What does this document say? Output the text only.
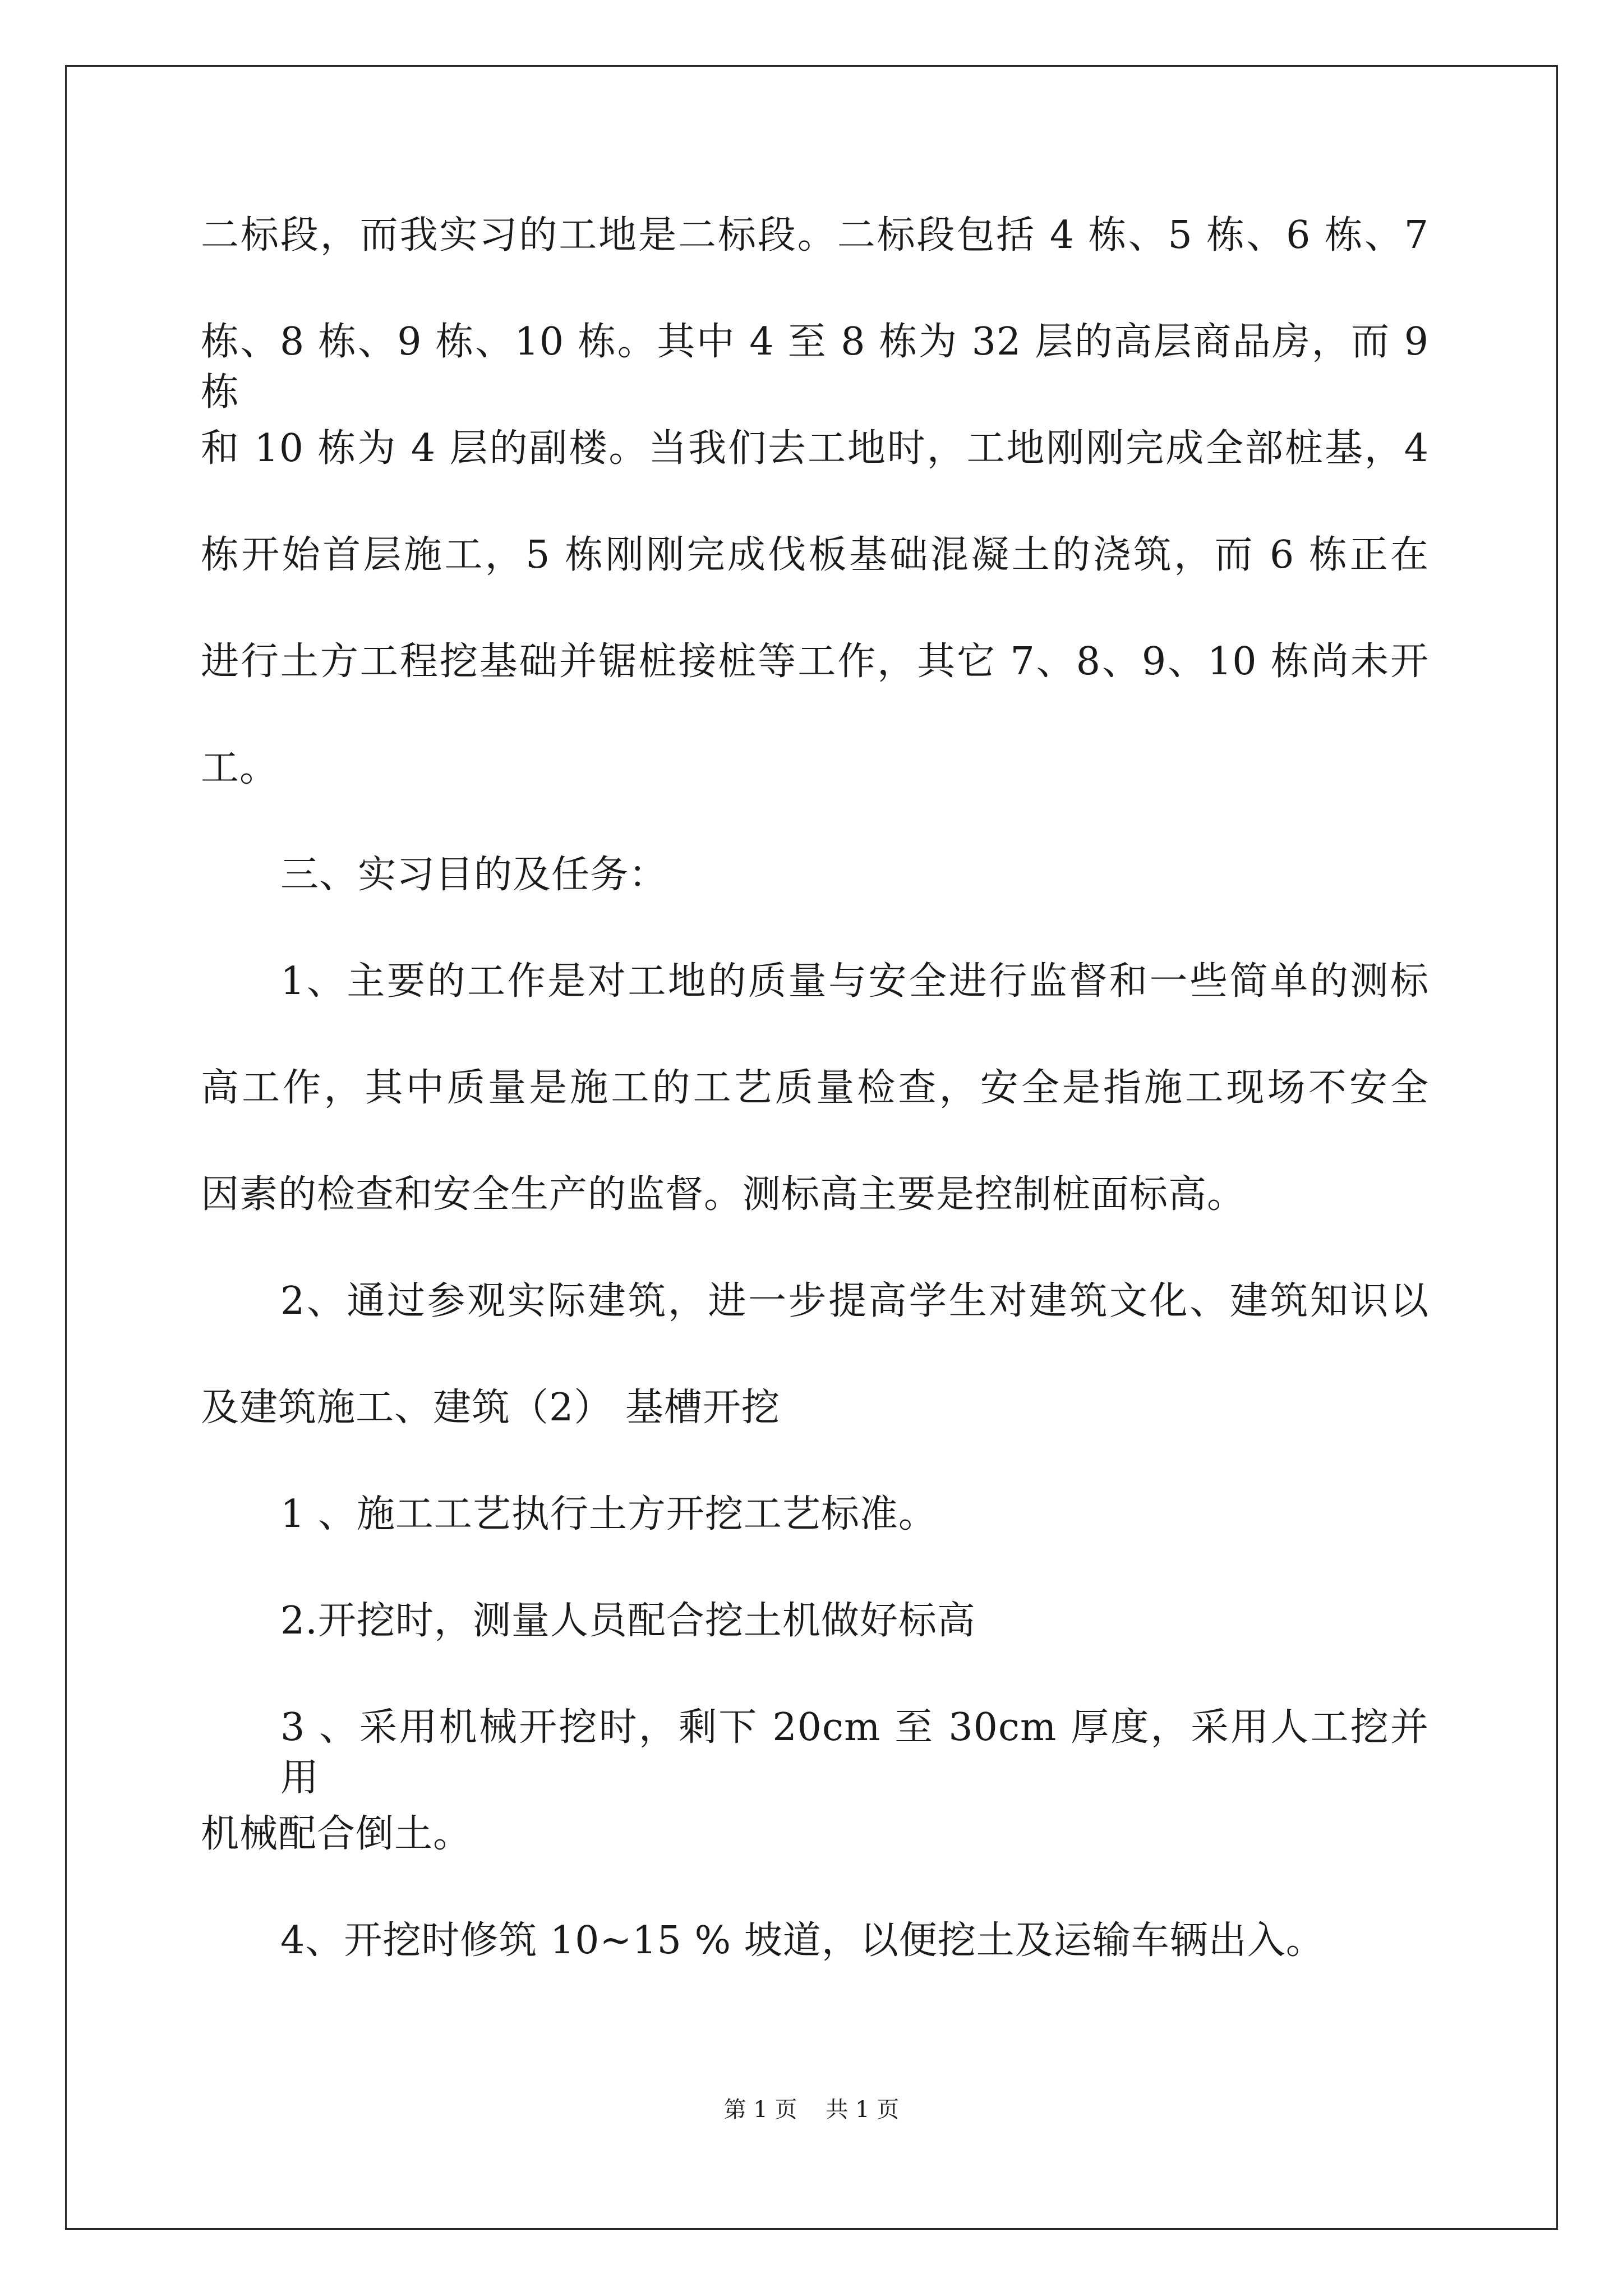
二标段，而我实习的工地是二标段。二标段包括 4 栋、5 栋、6 栋、7
栋、8 栋、9 栋、10 栋。其中 4 至 8 栋为 32 层的高层商品房，而 9 栋
和 10 栋为 4 层的副楼。当我们去工地时，工地刚刚完成全部桩基，4
栋开始首层施工，5 栋刚刚完成伐板基础混凝土的浇筑，而 6 栋正在
进行土方工程挖基础并锯桩接桩等工作，其它 7、8、9、10 栋尚未开
工。
三、实习目的及任务：
1、主要的工作是对工地的质量与安全进行监督和一些简单的测标
高工作，其中质量是施工的工艺质量检查，安全是指施工现场不安全
因素的检查和安全生产的监督。测标高主要是控制桩面标高。
2、通过参观实际建筑，进一步提高学生对建筑文化、建筑知识以
及建筑施工、建筑（2） 基槽开挖
1 、施工工艺执行土方开挖工艺标准。
2.开挖时，测量人员配合挖土机做好标高
3 、采用机械开挖时，剩下 20cm 至 30cm 厚度，采用人工挖并用
机械配合倒土。
4、开挖时修筑 10~15 % 坡道，以便挖土及运输车辆出入。
第 1 页 共 1 页
